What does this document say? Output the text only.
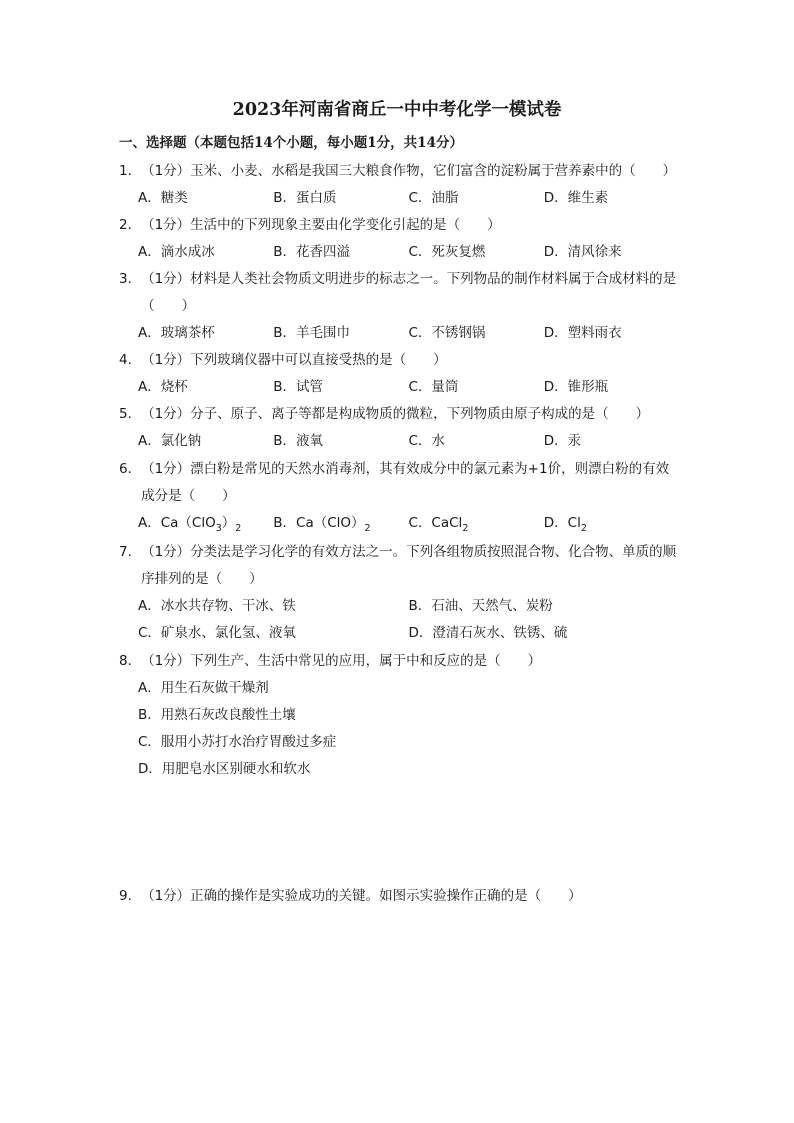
2023年河南省商丘一中中考化学一模试卷
一、选择题（本题包括14个小题，每小题1分，共14分）
1． （1分）玉米、小麦、水稻是我国三大粮食作物，它们富含的淀粉属于营养素中的（　　）
A．糖类	B．蛋白质	C．油脂	D．维生素
2． （1分）生活中的下列现象主要由化学变化引起的是（　　）
A．滴水成冰	B．花香四溢	C．死灰复燃	D．清风徐来
3． （1分）材料是人类社会物质文明进步的标志之一。下列物品的制作材料属于合成材料的是（　　）
A．玻璃茶杯	B．羊毛围巾	C．不锈钢锅	D．塑料雨衣
4． （1分）下列玻璃仪器中可以直接受热的是（　　）
A．烧杯	B．试管	C．量筒	D．锥形瓶
5． （1分）分子、原子、离子等都是构成物质的微粒，下列物质由原子构成的是（　　）
A．氯化钠	B．液氧	C．水	D．汞
6． （1分）漂白粉是常见的天然水消毒剂，其有效成分中的氯元素为+1价，则漂白粉的有效成分是（　　）
A．$Ca(ClO_3)_2$	B．$Ca(ClO)_2$	C．CaCl$_2$	D．$Cl_2$
7． （1分）分类法是学习化学的有效方法之一。下列各组物质按照混合物、化合物、单质的顺序排列的是（　　）
A．冰水共存物、干冰、铁	B．石油、天然气、炭粉
C．矿泉水、氯化氢、液氧	D．澄清石灰水、铁锈、硫
8． （1分）下列生产、生活中常见的应用，属于中和反应的是（　　）
A．用生石灰做干燥剂
B．用熟石灰改良酸性土壤
C．服用小苏打水治疗胃酸过多症
D．用肥皂水区别硬水和软水
9． （1分）正确的操作是实验成功的关键。如图示实验操作正确的是（　　）
